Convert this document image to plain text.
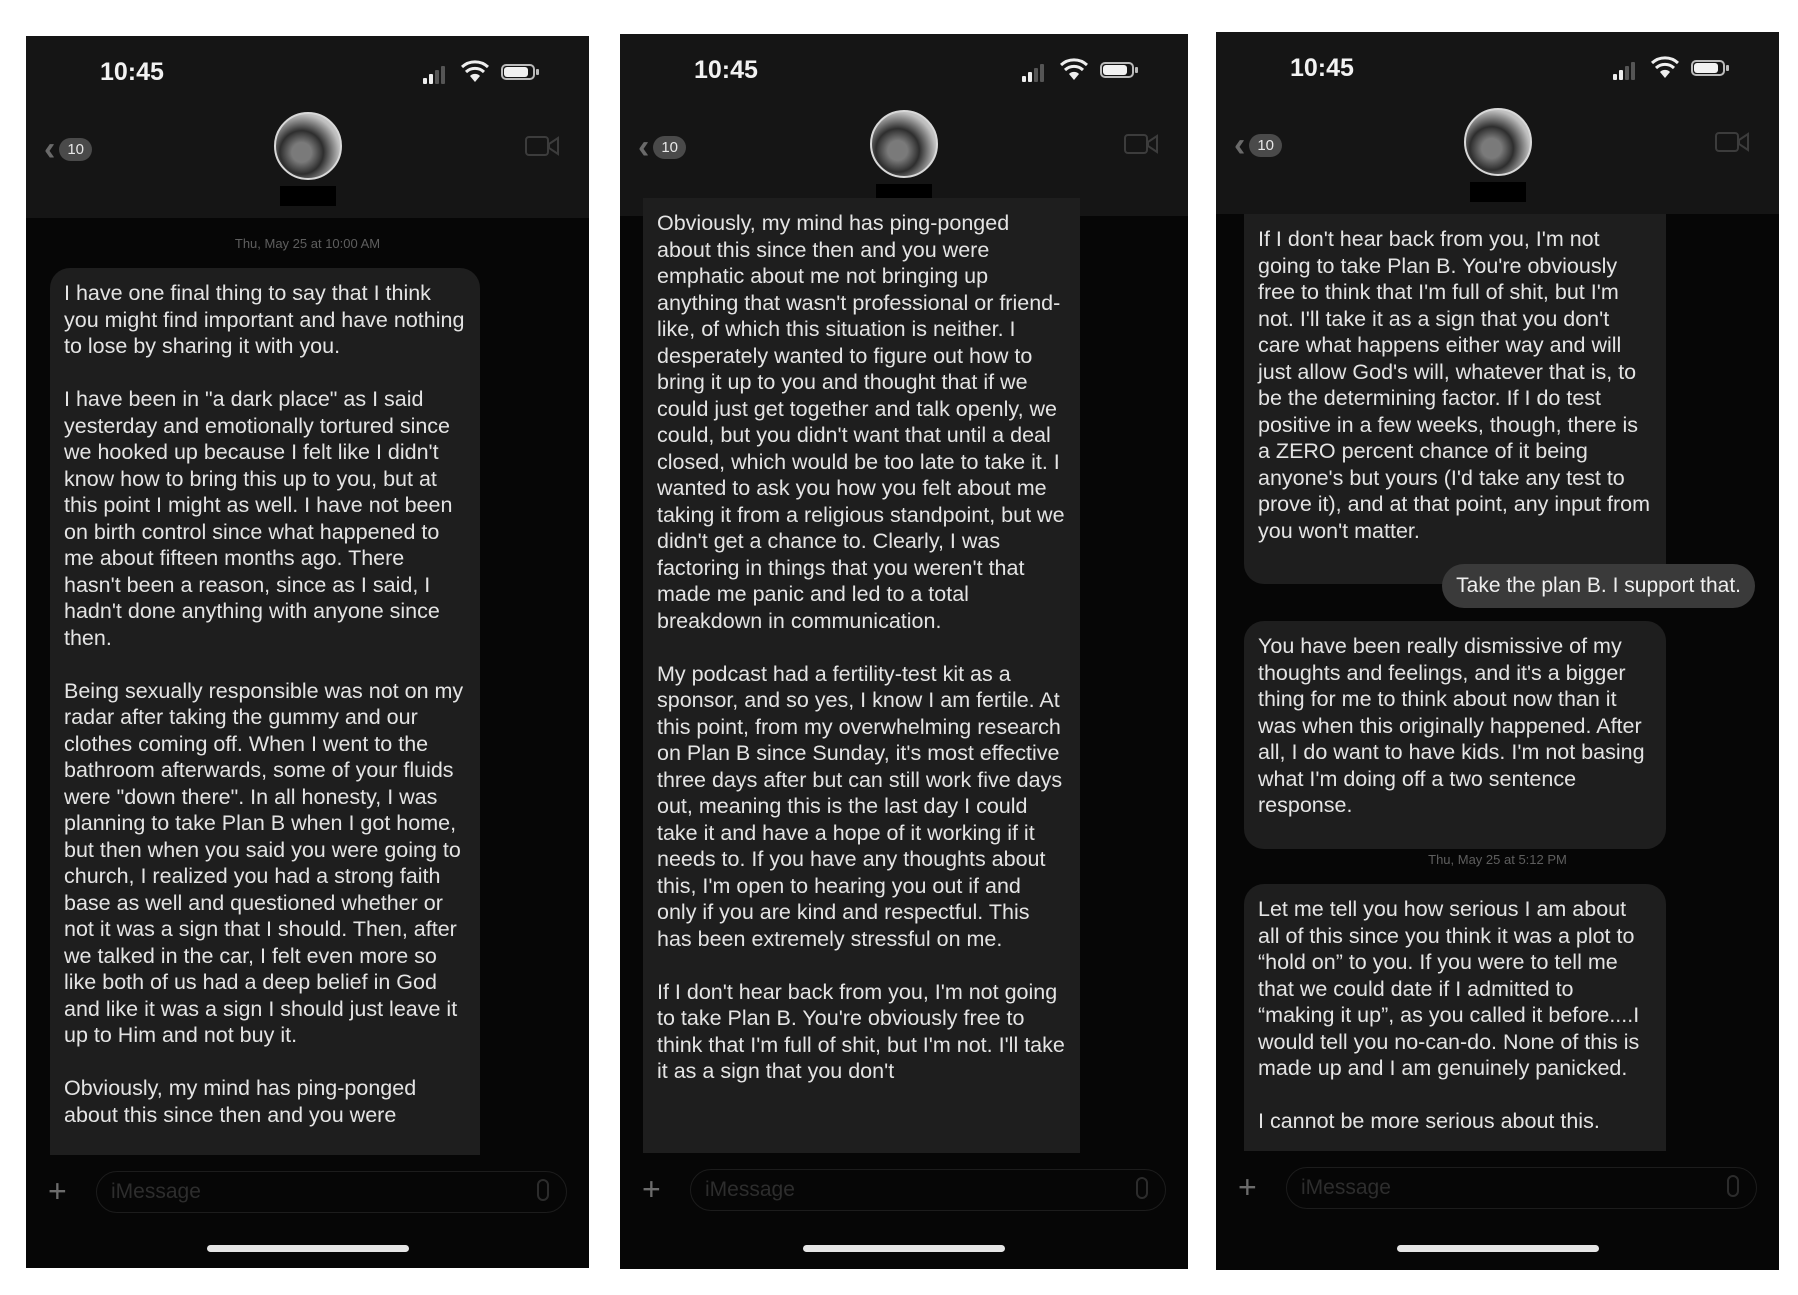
10:45
‹ 10
Thu, May 25 at 10:00 AM

I have one final thing to say that I think you might find important and have nothing to lose by sharing it with you.

I have been in "a dark place" as I said yesterday and emotionally tortured since we hooked up because I felt like I didn't know how to bring this up to you, but at this point I might as well. I have not been on birth control since what happened to me about fifteen months ago. There hasn't been a reason, since as I said, I hadn't done anything with anyone since then.

Being sexually responsible was not on my radar after taking the gummy and our clothes coming off. When I went to the bathroom afterwards, some of your fluids were "down there". In all honesty, I was planning to take Plan B when I got home, but then when you said you were going to church, I realized you had a strong faith base as well and questioned whether or not it was a sign that I should. Then, after we talked in the car, I felt even more so like both of us had a deep belief in God and like it was a sign I should just leave it up to Him and not buy it.

Obviously, my mind has ping-ponged about this since then and you were

+	iMessage
10:45
‹ 10

Obviously, my mind has ping-ponged about this since then and you were emphatic about me not bringing up anything that wasn't professional or friend-like, of which this situation is neither. I desperately wanted to figure out how to bring it up to you and thought that if we could just get together and talk openly, we could, but you didn't want that until a deal closed, which would be too late to take it. I wanted to ask you how you felt about me taking it from a religious standpoint, but we didn't get a chance to. Clearly, I was factoring in things that you weren't that made me panic and led to a total breakdown in communication.

My podcast had a fertility-test kit as a sponsor, and so yes, I know I am fertile. At this point, from my overwhelming research on Plan B since Sunday, it's most effective three days after but can still work five days out, meaning this is the last day I could take it and have a hope of it working if it needs to. If you have any thoughts about this, I'm open to hearing you out if and only if you are kind and respectful. This has been extremely stressful on me.

If I don't hear back from you, I'm not going to take Plan B. You're obviously free to think that I'm full of shit, but I'm not. I'll take it as a sign that you don't

+	iMessage
10:45
‹ 10
If I don't hear back from you, I'm not going to take Plan B. You're obviously free to think that I'm full of shit, but I'm not. I'll take it as a sign that you don't care what happens either way and will just allow God's will, whatever that is, to be the determining factor. If I do test positive in a few weeks, though, there is a ZERO percent chance of it being anyone's but yours (I'd take any test to prove it), and at that point, any input from you won't matter.
Take the plan B. I support that.
You have been really dismissive of my thoughts and feelings, and it's a bigger thing for me to think about now than it was when this originally happened. After all, I do want to have kids. I'm not basing what I'm doing off a two sentence response.
Thu, May 25 at 5:12 PM

Let me tell you how serious I am about all of this since you think it was a plot to “hold on” to you. If you were to tell me that we could date if I admitted to “making it up”, as you called it before....I would tell you no-can-do. None of this is made up and I am genuinely panicked.

I cannot be more serious about this.

+	iMessage
